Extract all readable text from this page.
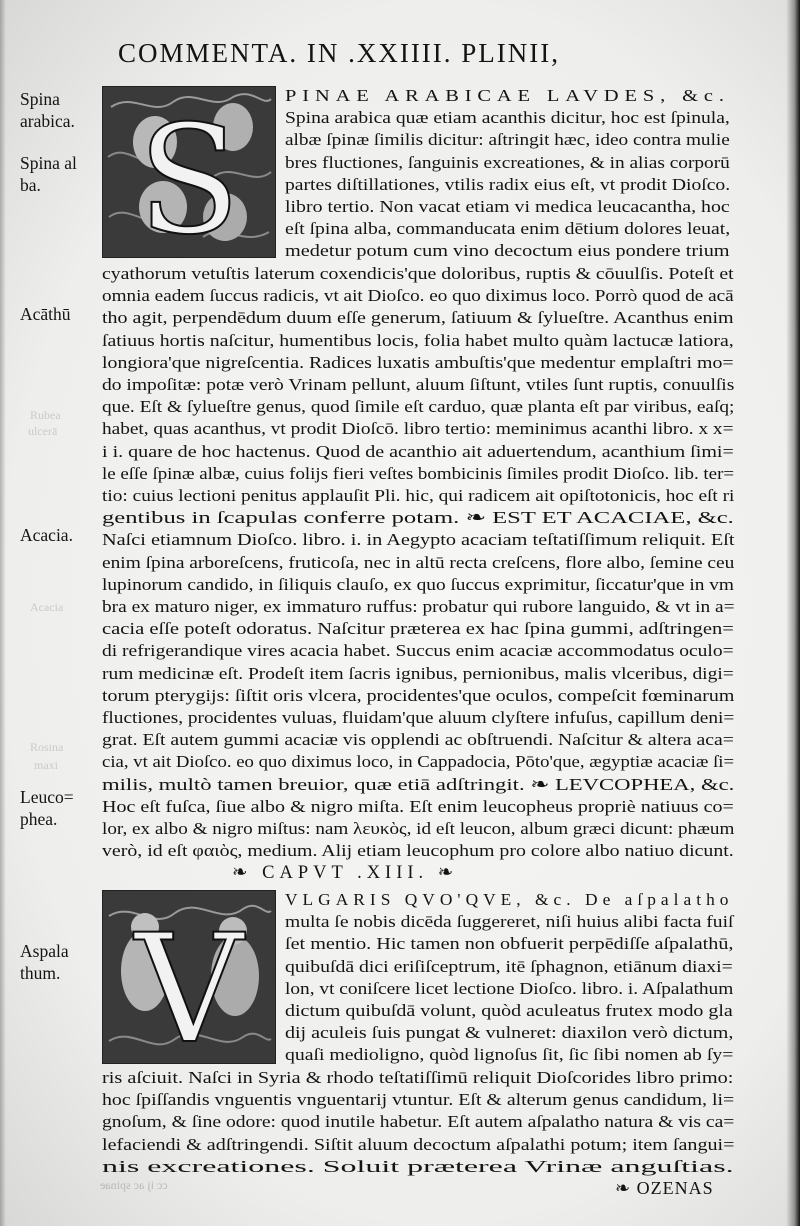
COMMENTA. IN .XXIIII. PLINII,
Spina arabica.
Spina al ba.
Acāthū
Acacia.
Leuco= phea.
Aspala thum.
Rubea
ulcerā
Acacia
Rosina
maxi
S	PINAE ARABICAE LAVDES, &c.
Spina arabica quæ etiam acanthis dicitur, hoc est ſpinula,
albæ ſpinæ ſimilis dicitur: aſtringit hæc, ideo contra mulie
bres fluctiones, ſanguinis excreationes, & in alias corporū
partes diſtillationes, vtilis radix eius eſt, vt prodit Dioſco.
libro tertio. Non vacat etiam vi medica leucacantha, hoc
eſt ſpina alba, commanducata enim dētium dolores leuat,
medetur potum cum vino decoctum eius pondere trium
cyathorum vetuſtis laterum coxendicis'que doloribus, ruptis & cōuulſis. Poteſt et
omnia eadem ſuccus radicis, vt ait Dioſco. eo quo diximus loco. Porrò quod de acā
tho agit, perpendēdum duum eſſe generum, ſatiuum & ſylueſtre. Acanthus enim
ſatiuus hortis naſcitur, humentibus locis, folia habet multo quàm lactucæ latiora,
longiora'que nigreſcentia. Radices luxatis ambuſtis'que medentur emplaſtri mo=
do impoſitæ: potæ verò Vrinam pellunt, aluum ſiſtunt, vtiles ſunt ruptis, conuulſis
que. Eſt & ſylueſtre genus, quod ſimile eſt carduo, quæ planta eſt par viribus, eaſq;
habet, quas acanthus, vt prodit Dioſcō. libro tertio: meminimus acanthi libro. x x=
i i. quare de hoc hactenus. Quod de acanthio ait aduertendum, acanthium ſimi=
le eſſe ſpinæ albæ, cuius folijs fieri veſtes bombicinis ſimiles prodit Dioſco. lib. ter=
tio: cuius lectioni penitus applauſit Pli. hic, qui radicem ait opiſtotonicis, hoc eſt ri
gentibus in ſcapulas conferre potam. ❧ EST ET ACACIAE, &c.
Naſci etiamnum Dioſco. libro. i. in Aegypto acaciam teſtatiſſimum reliquit. Eſt
enim ſpina arboreſcens, fruticoſa, nec in altū recta creſcens, flore albo, ſemine ceu
lupinorum candido, in ſiliquis clauſo, ex quo ſuccus exprimitur, ſiccatur'que in vm
bra ex maturo niger, ex immaturo ruffus: probatur qui rubore languido, & vt in a=
cacia eſſe poteſt odoratus. Naſcitur præterea ex hac ſpina gummi, adſtringen=
di refrigerandique vires acacia habet. Succus enim acaciæ accommodatus oculo=
rum medicinæ eſt. Prodeſt item ſacris ignibus, pernionibus, malis vlceribus, digi=
torum pterygijs: ſiſtit oris vlcera, procidentes'que oculos, compeſcit fœminarum
fluctiones, procidentes vuluas, fluidam'que aluum clyſtere infuſus, capillum deni=
grat. Eſt autem gummi acaciæ vis opplendi ac obſtruendi. Naſcitur & altera aca=
cia, vt ait Dioſco. eo quo diximus loco, in Cappadocia, Pōto'que, ægyptiæ acaciæ ſi=
milis, multò tamen breuior, quæ etiā adſtringit. ❧ LEVCOPHEA, &c.
Hoc eſt fuſca, ſiue albo & nigro miſta. Eſt enim leucopheus propriè natiuus co=
lor, ex albo & nigro miſtus: nam λευκὸς, id eſt leucon, album græci dicunt: phæum
verò, id eſt φαιὸς, medium. Alij etiam leucophum pro colore albo natiuo dicunt.
❧ CAPVT .XIII. ❧
V
VLGARIS QVO'QVE, &c. De aſpalatho
multa ſe nobis dicēda ſuggereret, niſi huius alibi facta fuiſ
ſet mentio. Hic tamen non obfuerit perpēdiſſe aſpalathū,
quibuſdā dici eriſiſceptrum, itē ſphagnon, etiānum diaxi=
lon, vt coniſcere licet lectione Dioſco. libro. i. Aſpalathum
dictum quibuſdā volunt, quòd aculeatus frutex modo gla
dij aculeis ſuis pungat & vulneret: diaxilon verò dictum,
quaſi medioligno, quòd lignoſus ſit, ſic ſibi nomen ab ſy=
ris aſciuit. Naſci in Syria & rhodo teſtatiſſimū reliquit Dioſcorides libro primo:
hoc ſpiſſandis vnguentis vnguentarij vtuntur. Eſt & alterum genus candidum, li=
gnoſum, & ſine odore: quod inutile habetur. Eſt autem aſpalatho natura & vis ca=
lefaciendi & adſtringendi. Siſtit aluum decoctum aſpalathi potum; item ſangui=
nis excreationes. Soluit præterea Vrinæ anguſtias.
cc ij ac spinae	❧ OZENAS
